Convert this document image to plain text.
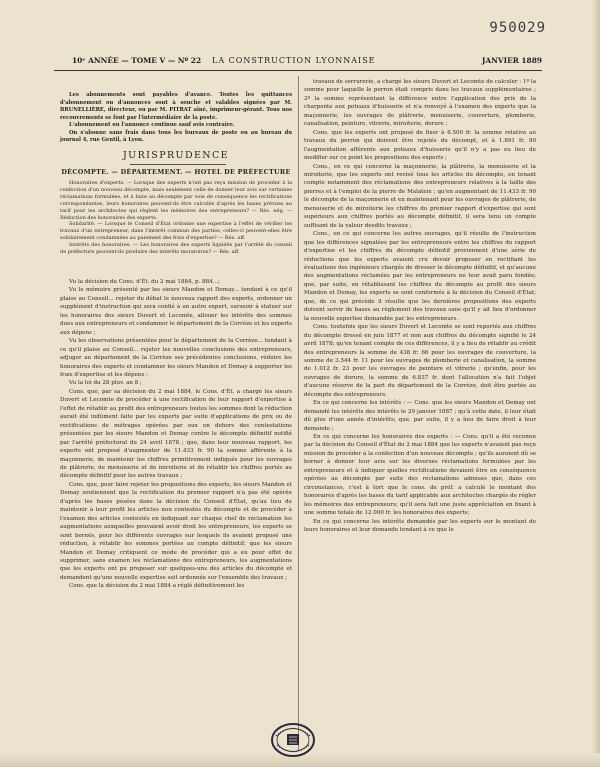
950029
10ᵉ ANNÉE — TOME V — Nº 22 LA CONSTRUCTION LYONNAISE	JANVIER 1889

Les abonnements sont payables d'avance. Toutes les quittances d'abonnement ou d'annonces sont à souche et valables signées par M. BRUNELLIÈRE, directeur, ou par M. PITRAT aîné, imprimeur-gérant. Tous nos recouvrements se font par l'intermédiaire de la poste.

L'abonnement ou l'annonce continue sauf avis contraire.

On s'abonne sans frais dans tous les bureaux de poste ou au bureau du journal 4, rue Gentil, à Lyon.

JURISPRUDENCE
DÉCOMPTE. — DÉPARTEMENT. — HOTEL DE PRÉFECTURE

Honoraires d'experts. — Lorsque des experts n'ont pas reçu mission de procéder à la confection d'un nouveau décompte, mais seulement celle de donner leur avis sur certaines réclamations formulées, et à faire au décompte par voie de conséquence les rectifications correspondantes, leurs honoraires peuvent-ils être calculés d'après les bases prévues au tarif pour les architectes qui règlent les mémoires des entrepreneurs? — Rés. nég. — Réduction des honoraires des experts.

Solidarité. — Lorsque le Conseil d'État ordonne une expertise à l'effet de vérifier les travaux d'un entrepreneur, dans l'intérêt commun des parties, celles-ci peuvent-elles être solidairement condamnées au paiement des frais d'expertise? — Rés. aff.

Intérêts des honoraires. — Les honoraires des experts liquidés par l'arrêté du conseil de préfecture peuvent-ils produire des intérêts moratoires? — Rés. aff.

Vu la décision du Cons. d'Ét. du 2 mai 1884, p. 884...;

Vu le mémoire présenté par les sieurs Mandon et Demay... tendant à ce qu'il plaise au Conseil... rejeter du débat le nouveau rapport des experts, ordonner un supplément d'instruction qui sera confié à un autre expert, surseoir à statuer sur les honoraires des sieurs Duvert et Lecomte, allouer les intérêts des sommes dues aux entrepreneurs et condamner le département de la Corrèze et les experts aux dépens ;

Vu les observations présentées pour le département de la Corrèze... tendant à ce qu'il plaise au Conseil... rejeter les nouvelles conclusions des entrepreneurs, adjuger au département de la Corrèze ses précédentes conclusions, réduire les honoraires des experts et condamner les sieurs Mandon et Demay à supporter les frais d'expertise et les dépens ;

Vu la loi du 28 pluv. an 8 ;

Cons. que, par sa décision du 2 mai 1884, le Cons. d'Ét. a chargé les sieurs Duvert et Lecomte de procéder à une rectification de leur rapport d'expertise à l'effet de rétablir au profit des entrepreneurs toutes les sommes dont la réduction aurait été indûment faite par les experts par suite d'applications de prix ou de rectifications de métrages opérées par eux en dehors des contestations présentées par les sieurs Mandon et Demay contre le décompte définitif notifié par l'arrêté préfectoral du 24 avril 1878 ; que, dans leur nouveau rapport, les experts ont proposé d'augmenter de 11.433 fr. 90 la somme afférente à la maçonnerie, de maintenir les chiffres primitivement indiqués pour les ouvrages de plâtrerie, de menuiserie et de miroiterie et de rétablir les chiffres portés au décompte définitif pour les autres travaux ;

Cons. que, pour faire rejeter les propositions des experts, les sieurs Mandon et Demay soutiennent que la rectification du premier rapport n'a pas été opérée d'après les bases posées dans la décision du Conseil d'État, qu'au lieu de maintenir à leur profit les articles non contestés du décompte et de procéder à l'examen des articles contestés en indiquant sur chaque chef de réclamation les augmentations auxquelles pouvaient avoir droit les entrepreneurs, les experts se sont bornés, pour les différents ouvrages sur lesquels ils avaient proposé une réduction, à rétablir les sommes portées au compte définitif; que les sieurs Mandon et Demay critiquent ce mode de procéder qui a eu pour effet de supprimer, sans examen les réclamations des entrepreneurs, les augmentations que les experts ont pu proposer sur quelques-uns des articles du décompte et demandent qu'une nouvelle expertise soit ordonnée sur l'ensemble des travaux ;

Cons. que la décision du 2 mai 1884 a réglé définitivement les

travaux de serrurerie, a chargé les sieurs Duvert et Lecomte de calculer : 1º la somme pour laquelle le perron était compris dans les travaux supplémentaires ; 2º la somme représentant la différence entre l'application des prix de la charpente aux poteaux d'huisserie et n'a renvoyé à l'examen des experts que la maçonnerie, les ouvrages de plâtrerie, menuiserie, couverture, plomberie, canalisation, peinture, vitrerie, miroiterie, dorure ;

Cons. que les experts ont proposé de fixer à 6.500 fr. la somme relative au travaux du perron qui doivent être rejetés du décompt, et à 1.891 fr. 80 l'augmentation afférente aux poteaux d'huisserie qu'il n'y a pas eu lieu de modifier sur ce point les propositions des experts ;

Cons., en ce qui concerne la maçonnerie, la plâtrerie, la menuiserie et la miroiterie, que les experts ont revisé tous les articles du décompte, en tenant compte notamment des réclamations des entrepreneurs relatives à la taille des pierres et à l'emploi de la pierre de Malateix ; qu'en augmentant de 11.433 fr. 90 le décompte de la maçonnerie et en maintenant pour les ouvrages de plâtrerie, de menuiserie et de miroiterie les chiffres du premier rapport d'expertise qui sont supérieurs aux chiffres portés au décompte définitif, il sera tenu un compte suffisant de la valeur desdits travaux ;

Cons., en ce qui concerne les autres ouvrages, qu'il résulte de l'instruction que les différences signalées par les entrepreneurs entre les chiffres du rapport d'expertise et les chiffres du décompte définitif proviennent d'une série de réductions que les experts avaient cru devoir proposer en rectifiant les évaluations des ingénieurs chargés de dresser le décompte définitif, et qu'aucune des augmentations réclamées par les entrepreneurs ne leur avait paru fondée; que, par suite, en rétablissant les chiffres du décompte au profit des sieurs Mandon et Demay, les experts se sont conformés à la décision du Conseil d'État; que, de ce qui précède il résulte que les dernières propositions des experts doivent servir de bases au règlement des travaux sans qu'il y ait lieu d'ordonner la nouvelle expertise demandée par les entrepreneurs.

Cons. toutefois que les sieurs Duvert et Lecomte se sont reportés aux chiffres du décompte dressé en juin 1877 et non aux chiffres du décompte signifié le 24 avril 1878; qu'en tenant compte de ces différences, il y a lieu de rétablir au crédit des entrepreneurs la somme de 438 fr. 66 pour les ouvrages de couverture, la somme de 3.544 fr. 11 pour les ouvrages de plomberie et canalisation, la somme de 1.012 fr. 23 pour les ouvrages de peinture et vitrerie ; qu'enfin, pour les ouvrages de dorure, la somme de 6.837 fr. dont l'allocation n'a fait l'objet d'aucune réserve de la part du département de la Corrèze, doit être portée au décompte des entrepreneurs.

En ce qui concerne les intérêts : — Cons. que les sieurs Mandon et Demay ont demandé les intérêts des intérêts le 29 janvier 1887 ; qu'à cette date, il leur était dû plus d'une année d'intérêts; que, par suite, il y a lieu de faire droit à leur demande ;

En ce qui concerne les honoraires des experts : — Cons. qu'il a été reconnu par la décision du Conseil d'État du 2 mai 1884 que les experts n'avaient pas reçu mission de procéder à la confection d'un nouveau décompte ; qu'ils auraient dû se borner à donner leur avis sur les diverses réclamations formulées par les entrepreneurs et à indiquer quelles rectifications devaient être en conséquence opérées au décompte par suite des réclamations admises que, dans ces circonstances, c'est à tort que le cons. de préf. a calculé le montant des honoraires d'après les bases du tarif applicable aux architectes chargés de régler les mémoires des entrepreneurs; qu'il sera fait une juste appréciation en fixant à une somme totale de 12.000 fr. les honoraires des experts;

En ce qui concerne les intérêts demandés par les experts sur le montant de leurs honoraires et leur demande tendant à ce que le
